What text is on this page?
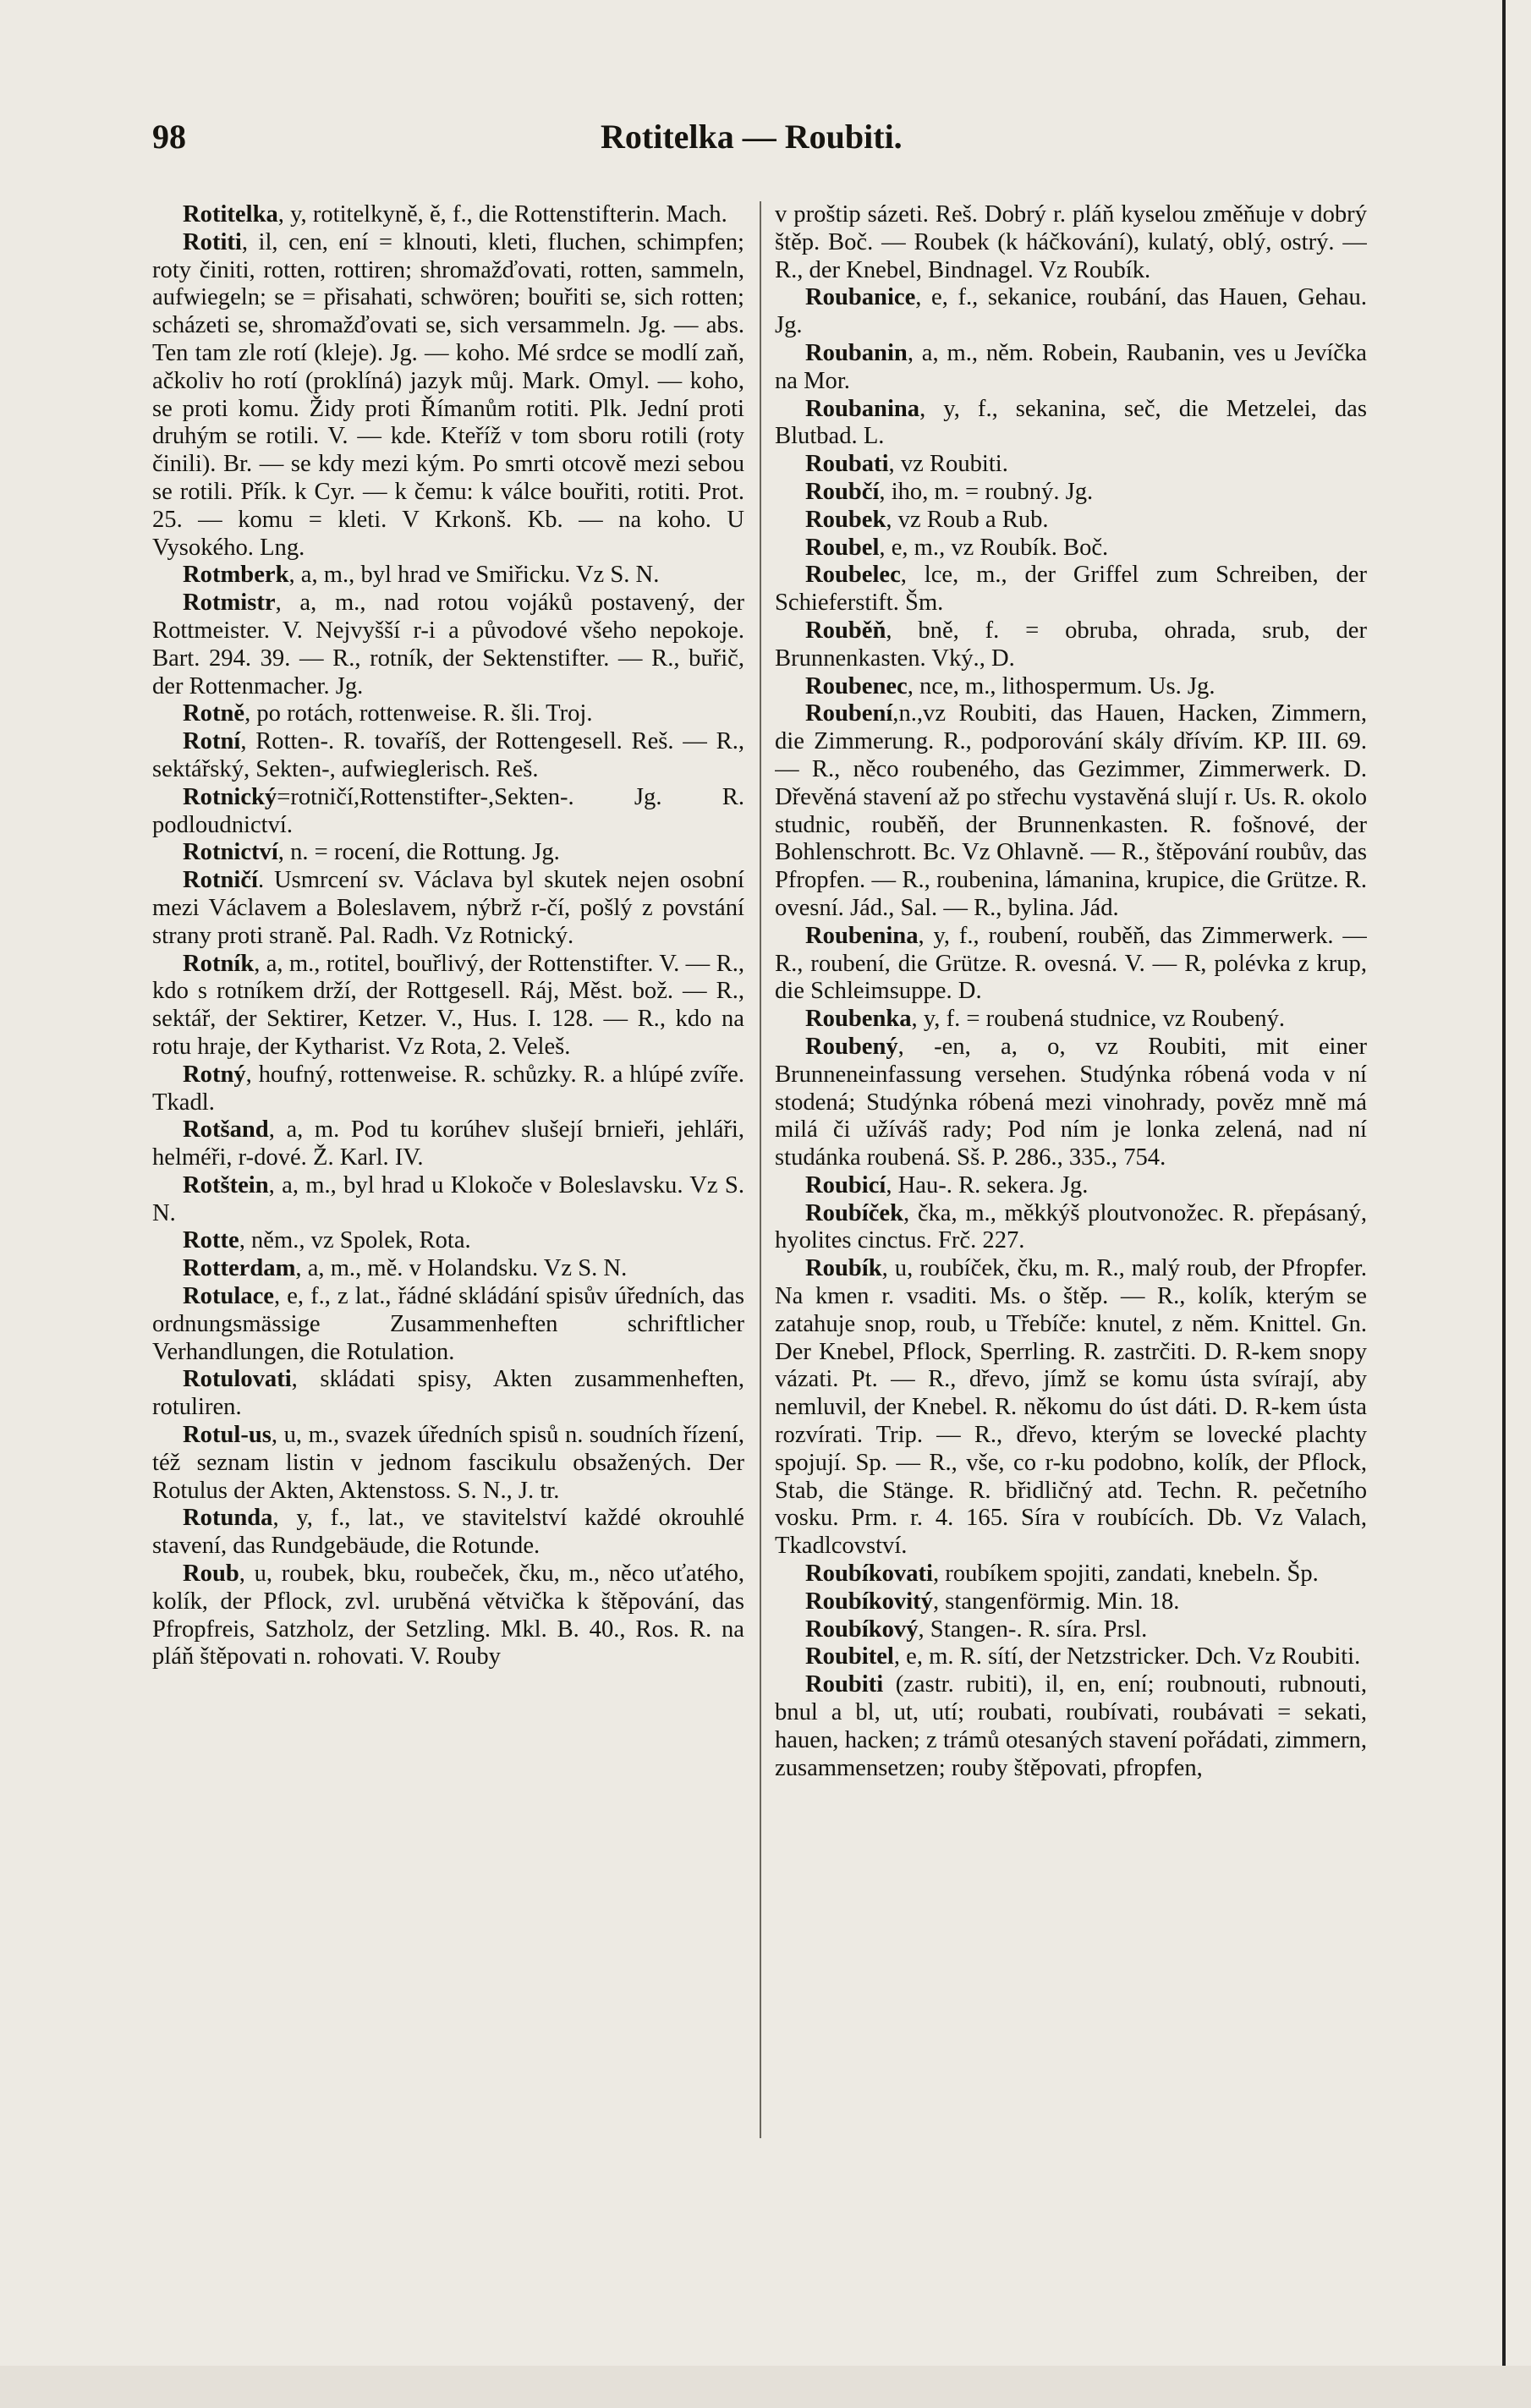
98	Rotitelka — Roubiti.

Rotitelka, y, rotitelkyně, ě, f., die Rottenstifterin. Mach.

Rotiti, il, cen, ení = klnouti, kleti, fluchen, schimpfen; roty činiti, rotten, rottiren; shromažďovati, rotten, sammeln, aufwiegeln; se = přisahati, schwören; bouřiti se, sich rotten; scházeti se, shromažďovati se, sich versammeln. Jg. — abs. Ten tam zle rotí (kleje). Jg. — koho. Mé srdce se modlí zaň, ačkoliv ho rotí (proklíná) jazyk můj. Mark. Omyl. — koho, se proti komu. Židy proti Římanům rotiti. Plk. Jední proti druhým se rotili. V. — kde. Kteříž v tom sboru rotili (roty činili). Br. — se kdy mezi kým. Po smrti otcově mezi sebou se rotili. Přík. k Cyr. — k čemu: k válce bouřiti, rotiti. Prot. 25. — komu = kleti. V Krkonš. Kb. — na koho. U Vysokého. Lng.

Rotmberk, a, m., byl hrad ve Smiřicku. Vz S. N.

Rotmistr, a, m., nad rotou vojáků postavený, der Rottmeister. V. Nejvyšší r-i a původové všeho nepokoje. Bart. 294. 39. — R., rotník, der Sektenstifter. — R., buřič, der Rottenmacher. Jg.

Rotně, po rotách, rottenweise. R. šli. Troj.

Rotní, Rotten-. R. tovaříš, der Rottengesell. Reš. — R., sektářský, Sekten-, aufwieglerisch. Reš.

Rotnický=rotničí,Rottenstifter-,Sekten-. Jg. R. podloudnictví.

Rotnictví, n. = rocení, die Rottung. Jg.

Rotničí. Usmrcení sv. Václava byl skutek nejen osobní mezi Václavem a Boleslavem, nýbrž r-čí, pošlý z povstání strany proti straně. Pal. Radh. Vz Rotnický.

Rotník, a, m., rotitel, bouřlivý, der Rottenstifter. V. — R., kdo s rotníkem drží, der Rottgesell. Ráj, Měst. bož. — R., sektář, der Sektirer, Ketzer. V., Hus. I. 128. — R., kdo na rotu hraje, der Kytharist. Vz Rota, 2. Veleš.

Rotný, houfný, rottenweise. R. schůzky. R. a hlúpé zvíře. Tkadl.

Rotšand, a, m. Pod tu korúhev slušejí brnieři, jehláři, helméři, r-dové. Ž. Karl. IV.

Rotštein, a, m., byl hrad u Klokoče v Boleslavsku. Vz S. N.

Rotte, něm., vz Spolek, Rota.

Rotterdam, a, m., mě. v Holandsku. Vz S. N.

Rotulace, e, f., z lat., řádné skládání spisův úředních, das ordnungsmässige Zusammenheften schriftlicher Verhandlungen, die Rotulation.

Rotulovati, skládati spisy, Akten zusammenheften, rotuliren.

Rotul-us, u, m., svazek úředních spisů n. soudních řízení, též seznam listin v jednom fascikulu obsažených. Der Rotulus der Akten, Aktenstoss. S. N., J. tr.

Rotunda, y, f., lat., ve stavitelství každé okrouhlé stavení, das Rundgebäude, die Rotunde.

Roub, u, roubek, bku, roubeček, čku, m., něco uťatého, kolík, der Pflock, zvl. uruběná větvička k štěpování, das Pfropfreis, Satzholz, der Setzling. Mkl. B. 40., Ros. R. na pláň štěpovati n. rohovati. V. Rouby

v proštip sázeti. Reš. Dobrý r. pláň kyselou změňuje v dobrý štěp. Boč. — Roubek (k háčkování), kulatý, oblý, ostrý. — R., der Knebel, Bindnagel. Vz Roubík.

Roubanice, e, f., sekanice, roubání, das Hauen, Gehau. Jg.

Roubanin, a, m., něm. Robein, Raubanin, ves u Jevíčka na Mor.

Roubanina, y, f., sekanina, seč, die Metzelei, das Blutbad. L.

Roubati, vz Roubiti.

Roubčí, iho, m. = roubný. Jg.

Roubek, vz Roub a Rub.

Roubel, e, m., vz Roubík. Boč.

Roubelec, lce, m., der Griffel zum Schreiben, der Schieferstift. Šm.

Rouběň, bně, f. = obruba, ohrada, srub, der Brunnenkasten. Vký., D.

Roubenec, nce, m., lithospermum. Us. Jg.

Roubení,n.,vz Roubiti, das Hauen, Hacken, Zimmern, die Zimmerung. R., podporování skály dřívím. KP. III. 69. — R., něco roubeného, das Gezimmer, Zimmerwerk. D. Dřevěná stavení až po střechu vystavěná slují r. Us. R. okolo studnic, rouběň, der Brunnenkasten. R. fošnové, der Bohlenschrott. Bc. Vz Ohlavně. — R., štěpování roubův, das Pfropfen. — R., roubenina, lámanina, krupice, die Grütze. R. ovesní. Jád., Sal. — R., bylina. Jád.

Roubenina, y, f., roubení, rouběň, das Zimmerwerk. — R., roubení, die Grütze. R. ovesná. V. — R, polévka z krup, die Schleimsuppe. D.

Roubenka, y, f. = roubená studnice, vz Roubený.

Roubený, -en, a, o, vz Roubiti, mit einer Brunneneinfassung versehen. Studýnka róbená voda v ní stodená; Studýnka róbená mezi vinohrady, pověz mně má milá či užíváš rady; Pod ním je lonka zelená, nad ní studánka roubená. Sš. P. 286., 335., 754.

Roubicí, Hau-. R. sekera. Jg.

Roubíček, čka, m., měkkýš ploutvonožec. R. přepásaný, hyolites cinctus. Frč. 227.

Roubík, u, roubíček, čku, m. R., malý roub, der Pfropfer. Na kmen r. vsaditi. Ms. o štěp. — R., kolík, kterým se zatahuje snop, roub, u Třebíče: knutel, z něm. Knittel. Gn. Der Knebel, Pflock, Sperrling. R. zastrčiti. D. R-kem snopy vázati. Pt. — R., dřevo, jímž se komu ústa svírají, aby nemluvil, der Knebel. R. někomu do úst dáti. D. R-kem ústa rozvírati. Trip. — R., dřevo, kterým se lovecké plachty spojují. Sp. — R., vše, co r-ku podobno, kolík, der Pflock, Stab, die Stänge. R. břidličný atd. Techn. R. pečetního vosku. Prm. r. 4. 165. Síra v roubících. Db. Vz Valach, Tkadlcovství.

Roubíkovati, roubíkem spojiti, zandati, knebeln. Šp.

Roubíkovitý, stangenförmig. Min. 18.

Roubíkový, Stangen-. R. síra. Prsl.

Roubitel, e, m. R. sítí, der Netzstricker. Dch. Vz Roubiti.

Roubiti (zastr. rubiti), il, en, ení; roubnouti, rubnouti, bnul a bl, ut, utí; roubati, roubívati, roubávati = sekati, hauen, hacken; z trámů otesaných stavení pořádati, zimmern, zusammensetzen; rouby štěpovati, pfropfen,
